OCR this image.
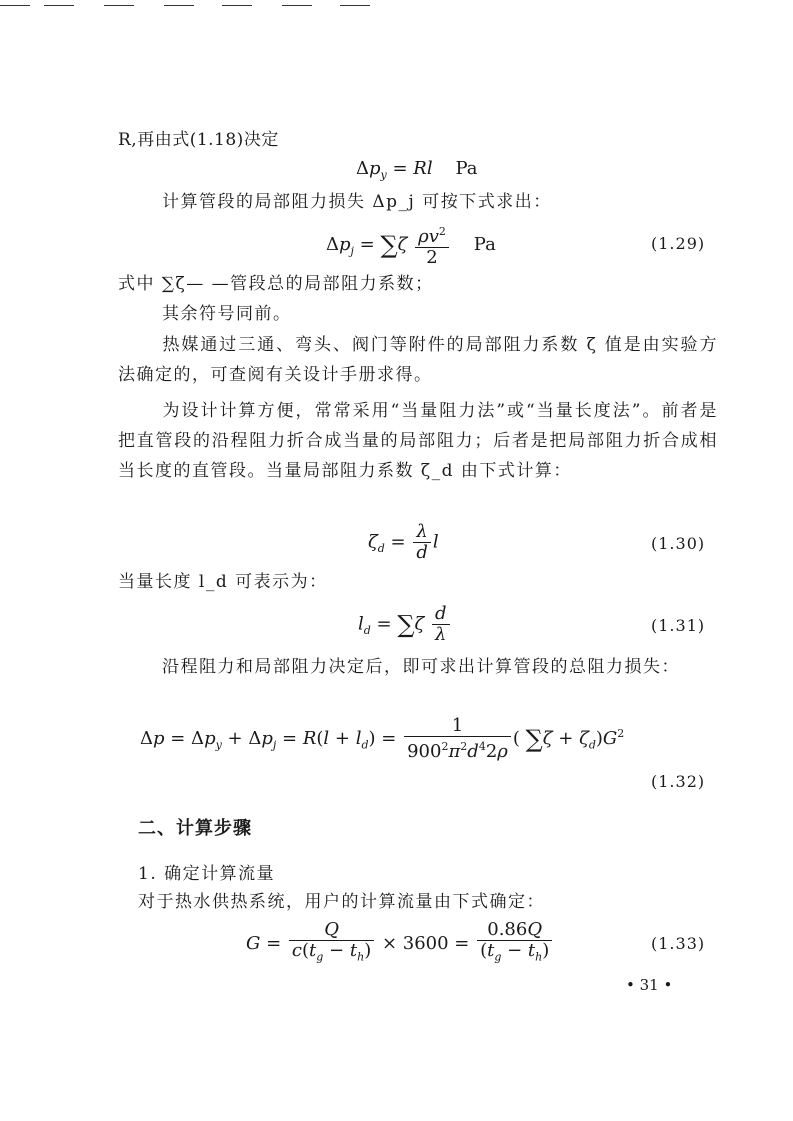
R,再由式(1.18)决定
$\Delta p_y = Rl$    Pa
计算管段的局部阻力损失 Δp_j 可按下式求出：
$\Delta p_j = \sum\zeta \frac{\rho v^2}{2}$ Pa	(1.29)
式中 ∑ζ— —管段总的局部阻力系数；
其余符号同前。
热媒通过三通、弯头、阀门等附件的局部阻力系数 ζ 值是由实验方法确定的，可查阅有关设计手册求得。
为设计计算方便，常常采用“当量阻力法”或“当量长度法”。前者是把直管段的沿程阻力折合成当量的局部阻力；后者是把局部阻力折合成相当长度的直管段。当量局部阻力系数 ζ_d 由下式计算：
$\zeta_d = \frac{\lambda}{d}$ l	(1.30)
当量长度 l_d 可表示为：
$l_d = \sum\zeta \frac{d}{\lambda}$	(1.31)
沿程阻力和局部阻力决定后，即可求出计算管段的总阻力损失：
$\Delta p = \Delta p_y + \Delta p_j = R(l + l_d) = \frac{1}{900^2\pi^2d^42\rho}$ ( $\sum\zeta + \zeta_d)G^2$
(1.32)
二、计算步骤
1. 确定计算流量
对于热水供热系统，用户的计算流量由下式确定：
$G = \frac{Q}{c(t_g - t_h)} \times 3600 = \frac{0.86Q}{(t_g - t_h)}$	(1.33)
• 31 •
